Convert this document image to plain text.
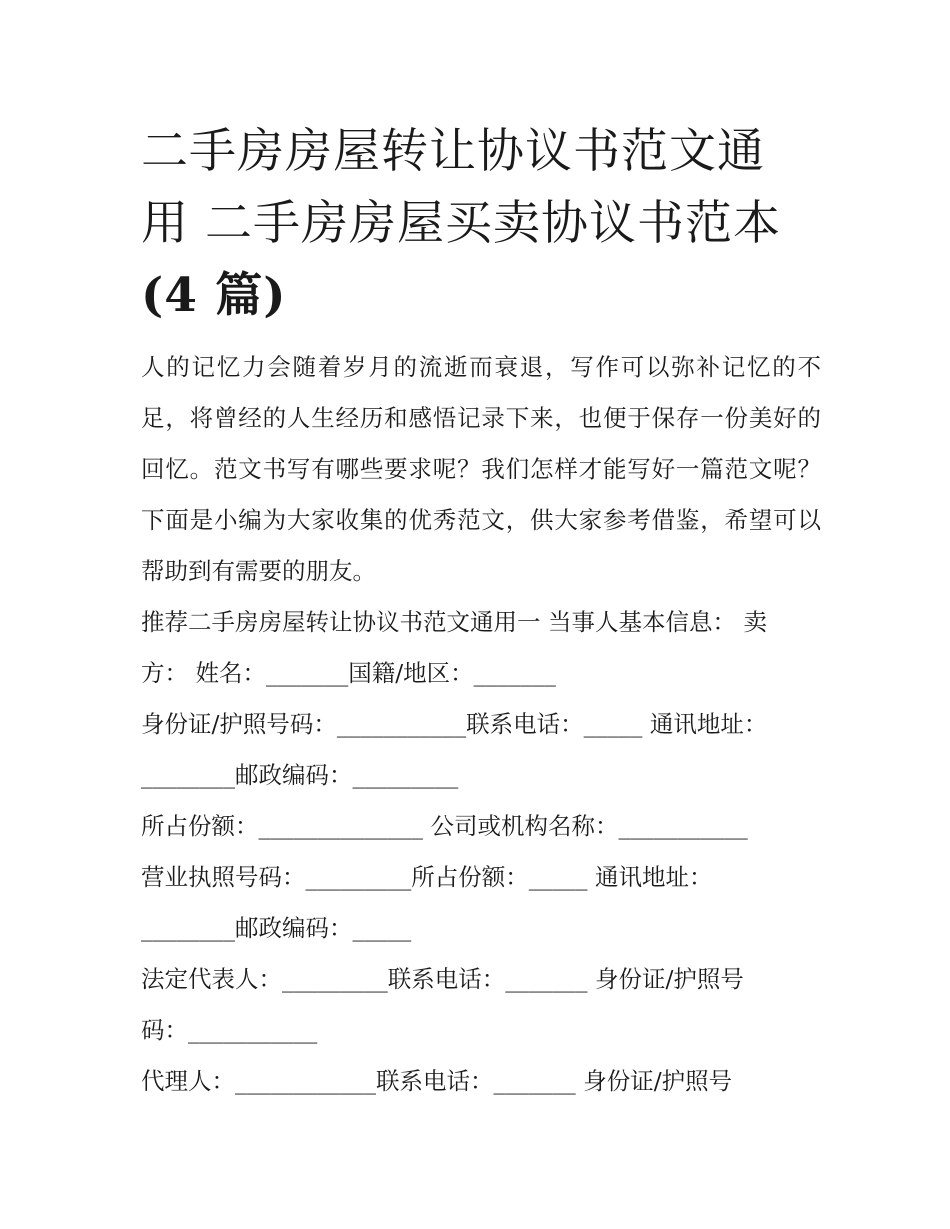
二手房房屋转让协议书范文通
用 二手房房屋买卖协议书范本
(4 篇)

人的记忆力会随着岁月的流逝而衰退，写作可以弥补记忆的不足，将曾经的人生经历和感悟记录下来，也便于保存一份美好的回忆。范文书写有哪些要求呢？我们怎样才能写好一篇范文呢？下面是小编为大家收集的优秀范文，供大家参考借鉴，希望可以帮助到有需要的朋友。

推荐二手房房屋转让协议书范文通用一 当事人基本信息： 卖

方： 姓名：_______国籍/地区：_______

身份证/护照号码：___________联系电话：_____ 通讯地址：

________邮政编码：_________

所占份额：______________ 公司或机构名称：___________

营业执照号码：_________所占份额：_____ 通讯地址：

________邮政编码：_____

法定代表人：_________联系电话：_______ 身份证/护照号

码：___________

代理人：____________联系电话：_______ 身份证/护照号
